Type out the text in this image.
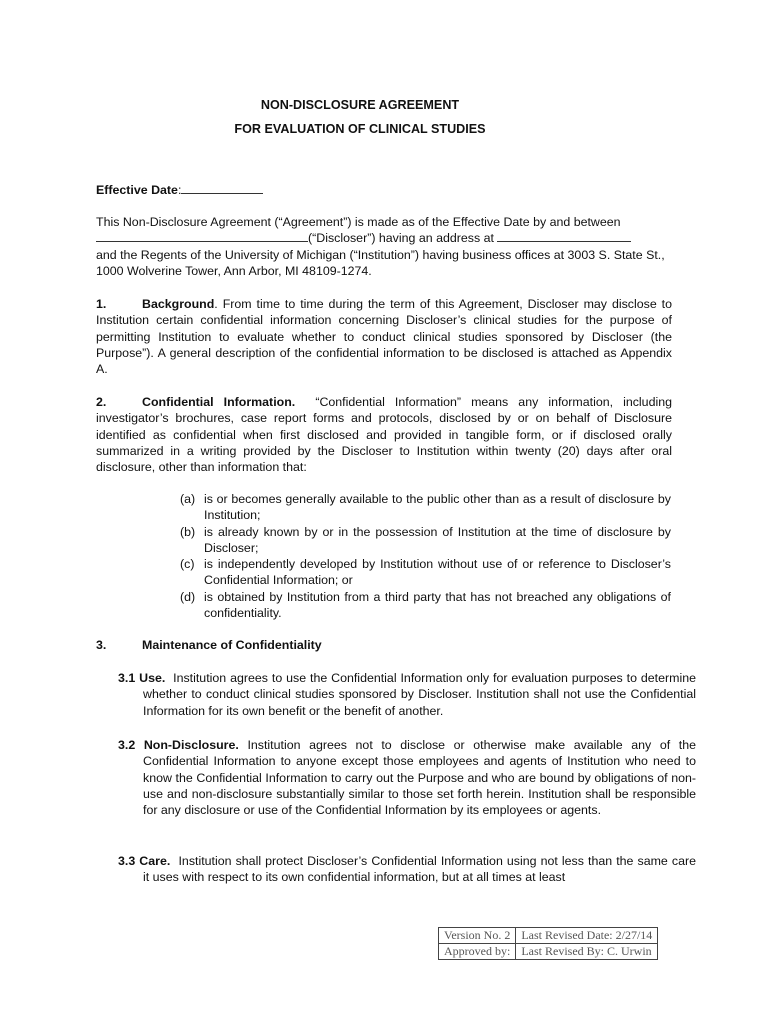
NON-DISCLOSURE AGREEMENT
FOR EVALUATION OF CLINICAL STUDIES
Effective Date:

This Non-Disclosure Agreement (“Agreement”) is made as of the Effective Date by and between

(“Discloser”) having an address at

and the Regents of the University of Michigan (“Institution”) having business offices at 3003 S. State St., 1000 Wolverine Tower, Ann Arbor, MI 48109-1274.

1.	Background. From time to time during the term of this Agreement, Discloser may disclose to Institution certain confidential information concerning Discloser’s clinical studies for the purpose of permitting Institution to evaluate whether to conduct clinical studies sponsored by Discloser (the Purpose”). A general description of the confidential information to be disclosed is attached as Appendix A.
2.	Confidential Information. “Confidential Information” means any information, including investigator’s brochures, case report forms and protocols, disclosed by or on behalf of Disclosure identified as confidential when first disclosed and provided in tangible form, or if disclosed orally summarized in a writing provided by the Discloser to Institution within twenty (20) days after oral disclosure, other than information that:
(a) is or becomes generally available to the public other than as a result of disclosure by Institution;
(b) is already known by or in the possession of Institution at the time of disclosure by Discloser;
(c) is independently developed by Institution without use of or reference to Discloser’s Confidential Information; or
(d) is obtained by Institution from a third party that has not breached any obligations of confidentiality.
3.	Maintenance of Confidentiality
3.1 Use. Institution agrees to use the Confidential Information only for evaluation purposes to determine whether to conduct clinical studies sponsored by Discloser. Institution shall not use the Confidential Information for its own benefit or the benefit of another.
3.2 Non-Disclosure. Institution agrees not to disclose or otherwise make available any of the Confidential Information to anyone except those employees and agents of Institution who need to know the Confidential Information to carry out the Purpose and who are bound by obligations of non-use and non-disclosure substantially similar to those set forth herein. Institution shall be responsible for any disclosure or use of the Confidential Information by its employees or agents.
3.3 Care. Institution shall protect Discloser’s Confidential Information using not less than the same care it uses with respect to its own confidential information, but at all times at least
Version No. 2	Last Revised Date: 2/27/14
Approved by:	Last Revised By: C. Urwin
